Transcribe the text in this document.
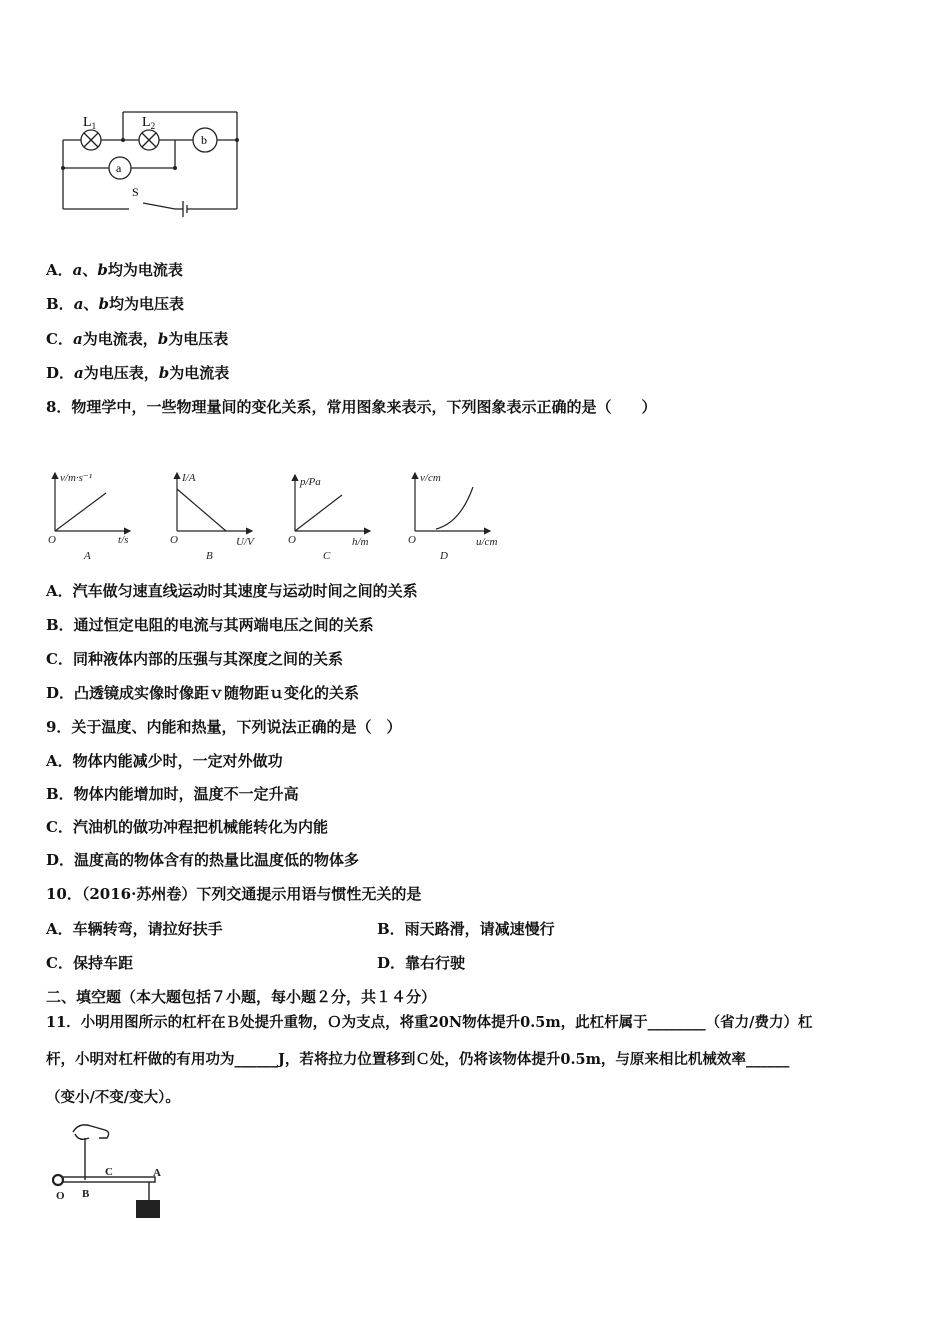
$L_1$	$L_2$
a
b
S
A．a、b均为电流表
B．a、b均为电压表
C．a为电流表，b为电压表
D．a为电压表，b为电流表
8．物理学中，一些物理量间的变化关系，常用图象来表示，下列图象表示正确的是（　　）
v/m·s⁻¹
t/s
O
A
I/A
U/V
O
B
p/Pa
h/m
O
C
v/cm
u/cm
O
D
A．汽车做匀速直线运动时其速度与运动时间之间的关系
B．通过恒定电阻的电流与其两端电压之间的关系
C．同种液体内部的压强与其深度之间的关系
D．凸透镜成实像时像距ｖ随物距ｕ变化的关系
9．关于温度、内能和热量，下列说法正确的是（　）
A．物体内能减少时，一定对外做功
B．物体内能增加时，温度不一定升高
C．汽油机的做功冲程把机械能转化为内能
D．温度高的物体含有的热量比温度低的物体多
10．（2016·苏州卷）下列交通提示用语与惯性无关的是
A．车辆转弯，请拉好扶手	B．雨天路滑，请减速慢行
C．保持车距	D．靠右行驶
二、填空题（本大题包括７小题，每小题２分，共１４分）
11．小明用图所示的杠杆在Ｂ处提升重物，Ｏ为支点，将重20N物体提升0.5m，此杠杆属于________（省力/费力）杠
杆，小明对杠杆做的有用功为______J，若将拉力位置移到Ｃ处，仍将该物体提升0.5m，与原来相比机械效率______
（变小/不变/变大）。
O B
C	A
